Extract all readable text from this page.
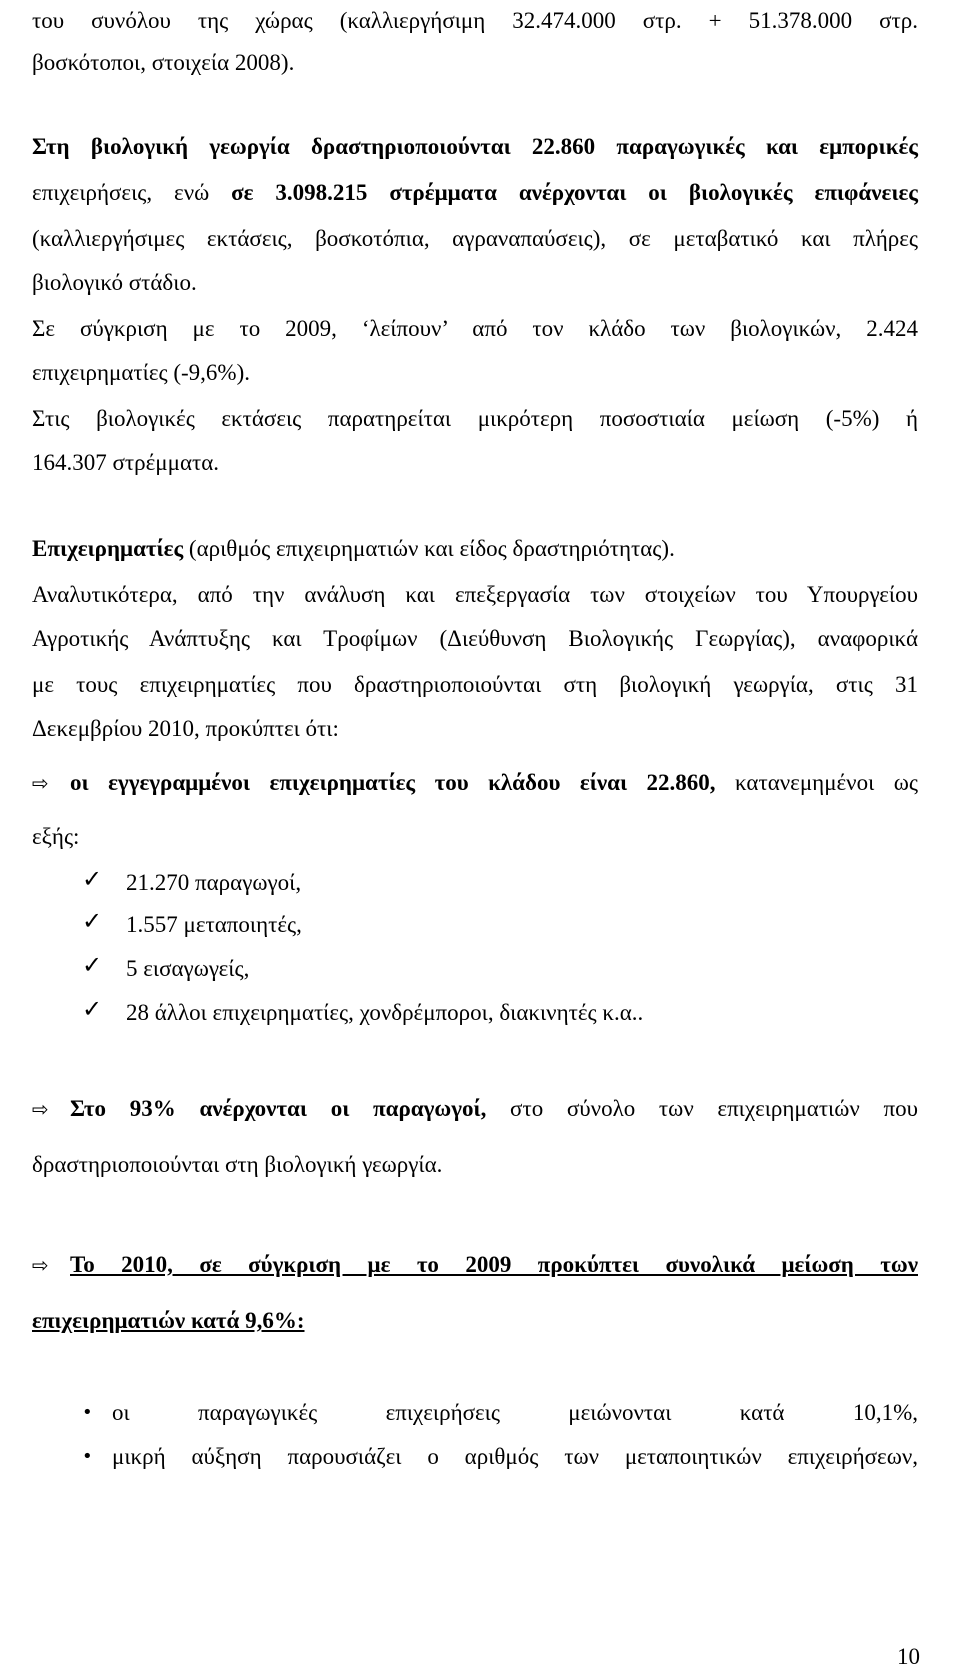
του συνόλου της χώρας (καλλιεργήσιμη 32.474.000 στρ. + 51.378.000 στρ.
βοσκότοποι, στοιχεία 2008).
Στη βιολογική γεωργία δραστηριοποιούνται 22.860 παραγωγικές και εμπορικές
επιχειρήσεις, ενώ σε 3.098.215 στρέμματα ανέρχονται οι βιολογικές επιφάνειες
(καλλιεργήσιμες εκτάσεις, βοσκοτόπια, αγραναπαύσεις), σε μεταβατικό και πλήρες
βιολογικό στάδιο.
Σε σύγκριση με το 2009, ‘λείπουν’ από τον κλάδο των βιολογικών, 2.424
επιχειρηματίες (-9,6%).
Στις βιολογικές εκτάσεις παρατηρείται μικρότερη ποσοστιαία μείωση (-5%) ή
164.307 στρέμματα.
Επιχειρηματίες (αριθμός επιχειρηματιών και είδος δραστηριότητας).
Αναλυτικότερα, από την ανάλυση και επεξεργασία των στοιχείων του Υπουργείου
Αγροτικής Ανάπτυξης και Τροφίμων (Διεύθυνση Βιολογικής Γεωργίας), αναφορικά
με τους επιχειρηματίες που δραστηριοποιούνται στη βιολογική γεωργία, στις 31
Δεκεμβρίου 2010, προκύπτει ότι:
⇨ οι εγγεγραμμένοι επιχειρηματίες του κλάδου είναι 22.860, κατανεμημένοι ως
εξής:
✓ 21.270 παραγωγοί,
✓ 1.557 μεταποιητές,
✓ 5 εισαγωγείς,
✓ 28 άλλοι επιχειρηματίες, χονδρέμποροι, διακινητές κ.α..
⇨ Στο 93% ανέρχονται οι παραγωγοί, στο σύνολο των επιχειρηματιών που
δραστηριοποιούνται στη βιολογική γεωργία.
⇨ Το 2010, σε σύγκριση με το 2009 προκύπτει συνολικά μείωση των
επιχειρηματιών κατά 9,6%:
• οι παραγωγικές επιχειρήσεις μειώνονται κατά 10,1%,
• μικρή αύξηση παρουσιάζει ο αριθμός των μεταποιητικών επιχειρήσεων,
10
